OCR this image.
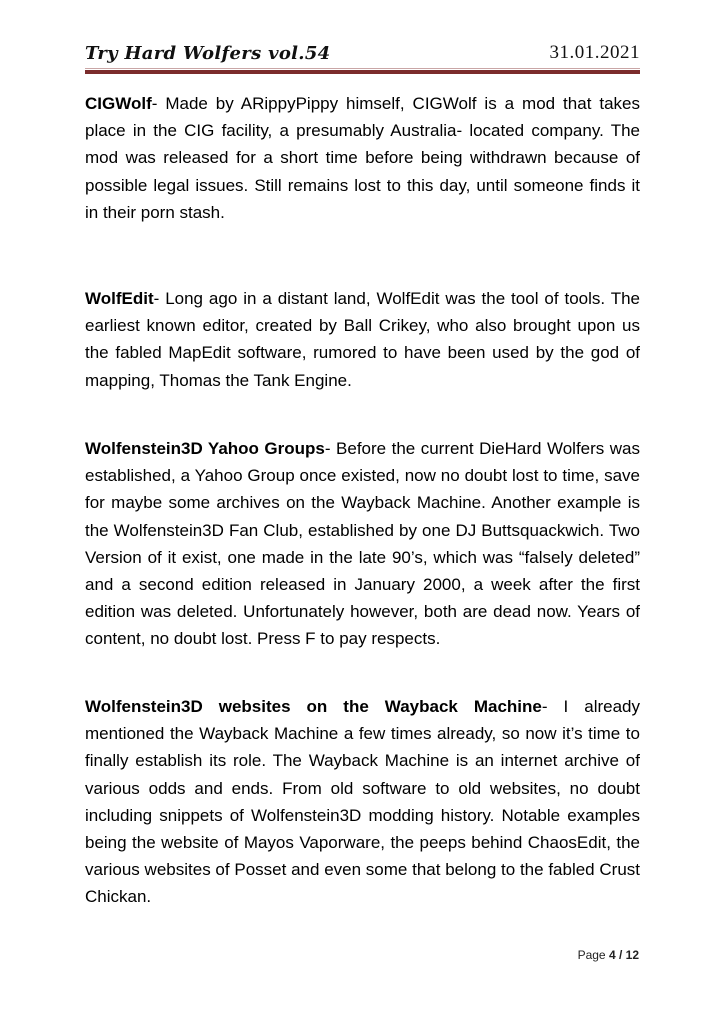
Try Hard Wolfers vol.54	31.01.2021

CIGWolf- Made by ARippyPippy himself, CIGWolf is a mod that takes place in the CIG facility, a presumably Australia- located company. The mod was released for a short time before being withdrawn because of possible legal issues. Still remains lost to this day, until someone finds it in their porn stash.

WolfEdit- Long ago in a distant land, WolfEdit was the tool of tools. The earliest known editor, created by Ball Crikey, who also brought upon us the fabled MapEdit software, rumored to have been used by the god of mapping, Thomas the Tank Engine.

Wolfenstein3D Yahoo Groups- Before the current DieHard Wolfers was established, a Yahoo Group once existed, now no doubt lost to time, save for maybe some archives on the Wayback Machine. Another example is the Wolfenstein3D Fan Club, established by one DJ Buttsquackwich. Two Version of it exist, one made in the late 90’s, which was “falsely deleted” and a second edition released in January 2000, a week after the first edition was deleted. Unfortunately however, both are dead now. Years of content, no doubt lost. Press F to pay respects.

Wolfenstein3D websites on the Wayback Machine- I already mentioned the Wayback Machine a few times already, so now it’s time to finally establish its role. The Wayback Machine is an internet archive of various odds and ends. From old software to old websites, no doubt including snippets of Wolfenstein3D modding history. Notable examples being the website of Mayos Vaporware, the peeps behind ChaosEdit, the various websites of Posset and even some that belong to the fabled Crust Chickan.

Page 4 / 12
